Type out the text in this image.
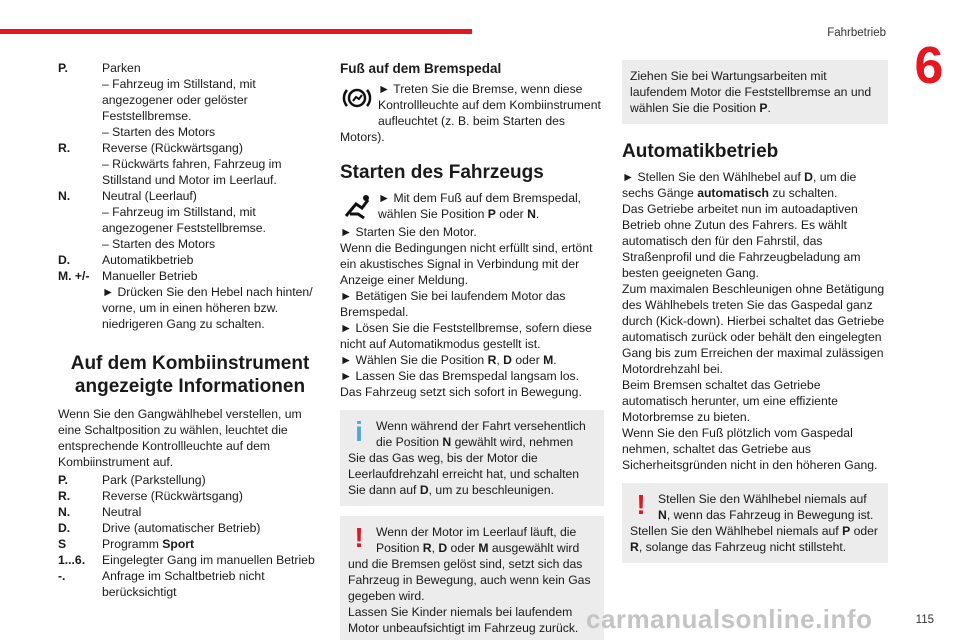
Fahrbetrieb
6
P.	Parken
– Fahrzeug im Stillstand, mit angezogener oder gelöster Feststellbremse.
– Starten des Motors
R.	Reverse (Rückwärtsgang)
– Rückwärts fahren, Fahrzeug im Stillstand und Motor im Leerlauf.
N.	Neutral (Leerlauf)
– Fahrzeug im Stillstand, mit angezogener Feststellbremse.
– Starten des Motors
D.	Automatikbetrieb
M. +/-	Manueller Betrieb
► Drücken Sie den Hebel nach hinten/ vorne, um in einen höheren bzw. niedrigeren Gang zu schalten.
Auf dem Kombiinstrument angezeigte Informationen
Wenn Sie den Gangwählhebel verstellen, um eine Schaltposition zu wählen, leuchtet die entsprechende Kontrollleuchte auf dem Kombiinstrument auf.
P.	Park (Parkstellung)
R.	Reverse (Rückwärtsgang)
N.	Neutral
D.	Drive (automatischer Betrieb)
S	Programm Sport
1...6.	Eingelegter Gang im manuellen Betrieb
-.	Anfrage im Schaltbetrieb nicht berücksichtigt
Fuß auf dem Bremspedal
► Treten Sie die Bremse, wenn diese Kontrollleuchte auf dem Kombiinstrument aufleuchtet (z. B. beim Starten des Motors).
Starten des Fahrzeugs
► Mit dem Fuß auf dem Bremspedal, wählen Sie Position P oder N.
► Starten Sie den Motor.
Wenn die Bedingungen nicht erfüllt sind, ertönt ein akustisches Signal in Verbindung mit der Anzeige einer Meldung.
► Betätigen Sie bei laufendem Motor das Bremspedal.
► Lösen Sie die Feststellbremse, sofern diese nicht auf Automatikmodus gestellt ist.
► Wählen Sie die Position R, D oder M.
► Lassen Sie das Bremspedal langsam los.
Das Fahrzeug setzt sich sofort in Bewegung.
i	Wenn während der Fahrt versehentlich die Position N gewählt wird, nehmen Sie das Gas weg, bis der Motor die Leerlaufdrehzahl erreicht hat, und schalten Sie dann auf D, um zu beschleunigen.
!	Wenn der Motor im Leerlauf läuft, die Position R, D oder M ausgewählt wird und die Bremsen gelöst sind, setzt sich das Fahrzeug in Bewegung, auch wenn kein Gas gegeben wird.
Lassen Sie Kinder niemals bei laufendem Motor unbeaufsichtigt im Fahrzeug zurück.
Ziehen Sie bei Wartungsarbeiten mit laufendem Motor die Feststellbremse an und wählen Sie die Position P.
Automatikbetrieb
► Stellen Sie den Wählhebel auf D, um die sechs Gänge automatisch zu schalten.
Das Getriebe arbeitet nun im autoadaptiven Betrieb ohne Zutun des Fahrers. Es wählt automatisch den für den Fahrstil, das Straßenprofil und die Fahrzeugbeladung am besten geeigneten Gang.
Zum maximalen Beschleunigen ohne Betätigung des Wählhebels treten Sie das Gaspedal ganz durch (Kick-down). Hierbei schaltet das Getriebe automatisch zurück oder behält den eingelegten Gang bis zum Erreichen der maximal zulässigen Motordrehzahl bei.
Beim Bremsen schaltet das Getriebe automatisch herunter, um eine effiziente Motorbremse zu bieten.
Wenn Sie den Fuß plötzlich vom Gaspedal nehmen, schaltet das Getriebe aus Sicherheitsgründen nicht in den höheren Gang.
!	Stellen Sie den Wählhebel niemals auf N, wenn das Fahrzeug in Bewegung ist.
Stellen Sie den Wählhebel niemals auf P oder R, solange das Fahrzeug nicht stillsteht.
carmanualsonline.info	115
